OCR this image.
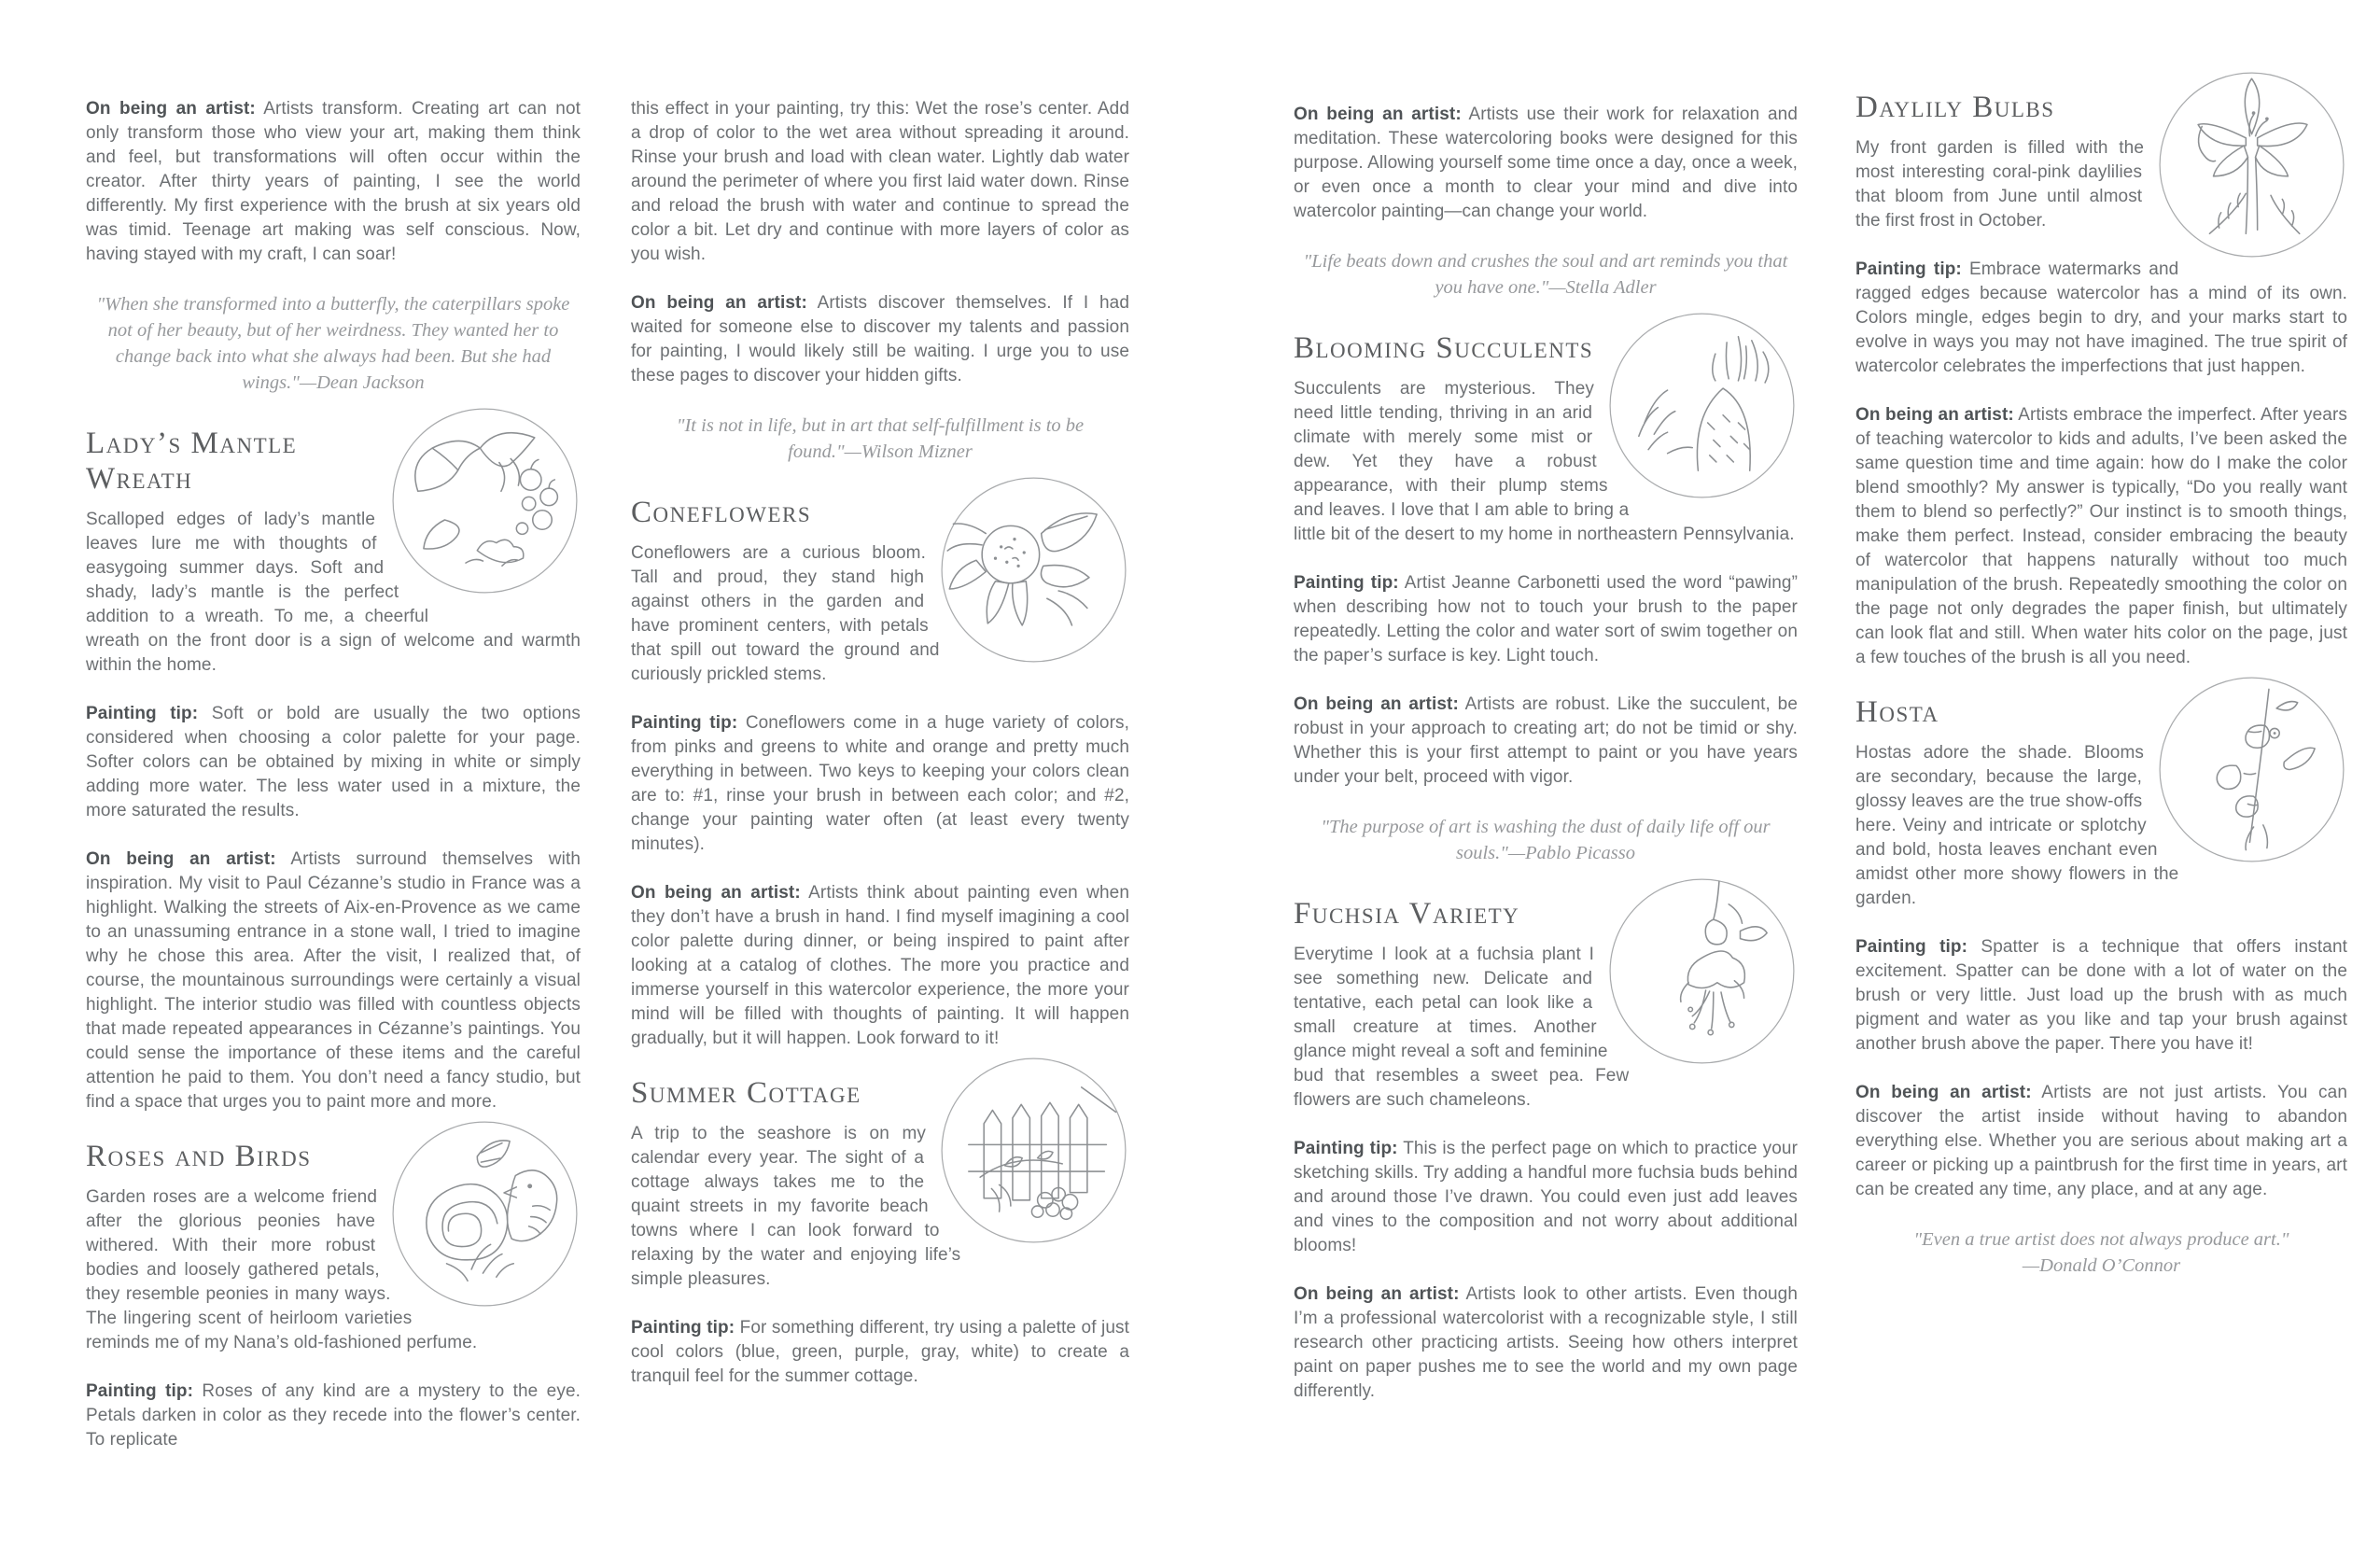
On being an artist: Artists transform. Creating art can not only transform those who view your art, making them think and feel, but transformations will often occur within the creator. After thirty years of painting, I see the world differently. My first experience with the brush at six years old was timid. Teenage art making was self conscious. Now, having stayed with my craft, I can soar!

"When she transformed into a butterfly, the caterpillars spoke not of her beauty, but of her weirdness. They wanted her to change back into what she always had been. But she had wings."—Dean Jackson
Lady’s Mantle Wreath

Scalloped edges of lady’s mantle leaves lure me with thoughts of easygoing summer days. Soft and shady, lady’s mantle is the perfect addition to a wreath. To me, a cheerful wreath on the front door is a sign of welcome and warmth within the home.

Painting tip: Soft or bold are usually the two options considered when choosing a color palette for your page. Softer colors can be obtained by mixing in white or simply adding more water. The less water used in a mixture, the more saturated the results.

On being an artist: Artists surround themselves with inspiration. My visit to Paul Cézanne’s studio in France was a highlight. Walking the streets of Aix-en-Provence as we came to an unassuming entrance in a stone wall, I tried to imagine why he chose this area. After the visit, I realized that, of course, the mountainous surroundings were certainly a visual highlight. The interior studio was filled with countless objects that made repeated appearances in Cézanne’s paintings. You could sense the importance of these items and the careful attention he paid to them. You don’t need a fancy studio, but find a space that urges you to paint more and more.

Roses and Birds

Garden roses are a welcome friend after the glorious peonies have withered. With their more robust bodies and loosely gathered petals, they resemble peonies in many ways. The lingering scent of heirloom varieties reminds me of my Nana’s old-fashioned perfume.

Painting tip: Roses of any kind are a mystery to the eye. Petals darken in color as they recede into the flower’s center. To replicate

this effect in your painting, try this: Wet the rose’s center. Add a drop of color to the wet area without spreading it around. Rinse your brush and load with clean water. Lightly dab water around the perimeter of where you first laid water down. Rinse and reload the brush with water and continue to spread the color a bit. Let dry and continue with more layers of color as you wish.

On being an artist: Artists discover themselves. If I had waited for someone else to discover my talents and passion for painting, I would likely still be waiting. I urge you to use these pages to discover your hidden gifts.

"It is not in life, but in art that self-fulfillment is to be found."—Wilson Mizner
Coneflowers

Coneflowers are a curious bloom. Tall and proud, they stand high against others in the garden and have prominent centers, with petals that spill out toward the ground and curiously prickled stems.

Painting tip: Coneflowers come in a huge variety of colors, from pinks and greens to white and orange and pretty much everything in between. Two keys to keeping your colors clean are to: #1, rinse your brush in between each color; and #2, change your painting water often (at least every twenty minutes).

On being an artist: Artists think about painting even when they don’t have a brush in hand. I find myself imagining a cool color palette during dinner, or being inspired to paint after looking at a catalog of clothes. The more you practice and immerse yourself in this watercolor experience, the more your mind will be filled with thoughts of painting. It will happen gradually, but it will happen. Look forward to it!

Summer Cottage

A trip to the seashore is on my calendar every year. The sight of a cottage always takes me to the quaint streets in my favorite beach towns where I can look forward to relaxing by the water and enjoying life’s simple pleasures.

Painting tip: For something different, try using a palette of just cool colors (blue, green, purple, gray, white) to create a tranquil feel for the summer cottage.

On being an artist: Artists use their work for relaxation and meditation. These watercoloring books were designed for this purpose. Allowing yourself some time once a day, once a week, or even once a month to clear your mind and dive into watercolor painting—can change your world.

"Life beats down and crushes the soul and art reminds you that you have one."—Stella Adler
Blooming Succulents

Succulents are mysterious. They need little tending, thriving in an arid climate with merely some mist or dew. Yet they have a robust appearance, with their plump stems and leaves. I love that I am able to bring a little bit of the desert to my home in northeastern Pennsylvania.

Painting tip: Artist Jeanne Carbonetti used the word “pawing” when describing how not to touch your brush to the paper repeatedly. Letting the color and water sort of swim together on the paper’s surface is key. Light touch.

On being an artist: Artists are robust. Like the succulent, be robust in your approach to creating art; do not be timid or shy. Whether this is your first attempt to paint or you have years under your belt, proceed with vigor.

"The purpose of art is washing the dust of daily life off our souls."—Pablo Picasso
Fuchsia Variety

Everytime I look at a fuchsia plant I see something new. Delicate and tentative, each petal can look like a small creature at times. Another glance might reveal a soft and feminine bud that resembles a sweet pea. Few flowers are such chameleons.

Painting tip: This is the perfect page on which to practice your sketching skills. Try adding a handful more fuchsia buds behind and around those I’ve drawn. You could even just add leaves and vines to the composition and not worry about additional blooms!

On being an artist: Artists look to other artists. Even though I’m a professional watercolorist with a recognizable style, I still research other practicing artists. Seeing how others interpret paint on paper pushes me to see the world and my own page differently.

Daylily Bulbs

My front garden is filled with the most interesting coral-pink daylilies that bloom from June until almost the first frost in October.

Painting tip: Embrace watermarks and ragged edges because watercolor has a mind of its own. Colors mingle, edges begin to dry, and your marks start to evolve in ways you may not have imagined. The true spirit of watercolor celebrates the imperfections that just happen.

On being an artist: Artists embrace the imperfect. After years of teaching watercolor to kids and adults, I’ve been asked the same question time and time again: how do I make the color blend smoothly? My answer is typically, “Do you really want them to blend so perfectly?” Our instinct is to smooth things, make them perfect. Instead, consider embracing the beauty of watercolor that happens naturally without too much manipulation of the brush. Repeatedly smoothing the color on the page not only degrades the paper finish, but ultimately can look flat and still. When water hits color on the page, just a few touches of the brush is all you need.

Hosta

Hostas adore the shade. Blooms are secondary, because the large, glossy leaves are the true show-offs here. Veiny and intricate or splotchy and bold, hosta leaves enchant even amidst other more showy flowers in the garden.

Painting tip: Spatter is a technique that offers instant excitement. Spatter can be done with a lot of water on the brush or very little. Just load up the brush with as much pigment and water as you like and tap your brush against another brush above the paper. There you have it!

On being an artist: Artists are not just artists. You can discover the artist inside without having to abandon everything else. Whether you are serious about making art a career or picking up a paintbrush for the first time in years, art can be created any time, any place, and at any age.

"Even a true artist does not always produce art."
—Donald O’Connor
